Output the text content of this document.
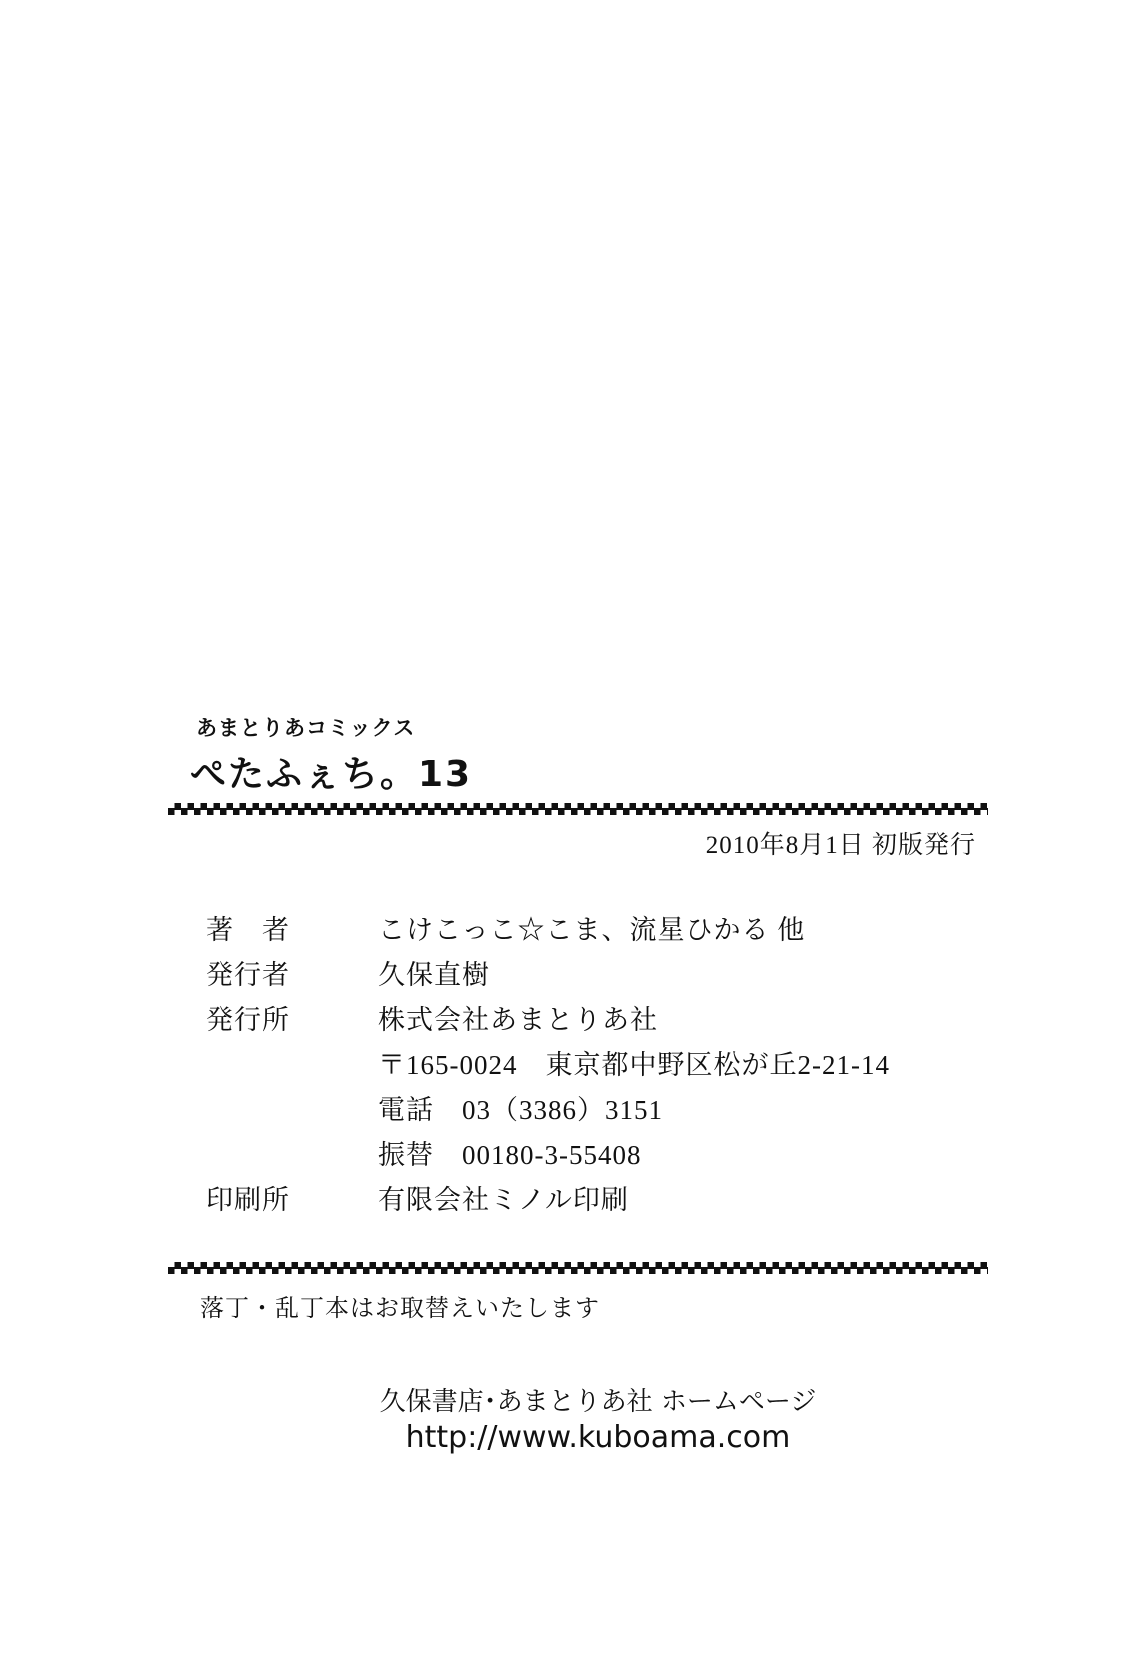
あまとりあコミックス
ぺたふぇち。13
2010年8月1日 初版発行
著　者	こけこっこ☆こま、流星ひかる 他
発行者	久保直樹
発行所	株式会社あまとりあ社
	〒165-0024　東京都中野区松が丘2-21-14
	電話　03（3386）3151
	振替　00180-3-55408
印刷所	有限会社ミノル印刷
落丁・乱丁本はお取替えいたします
久保書店･あまとりあ社 ホームページ
http://www.kuboama.com
